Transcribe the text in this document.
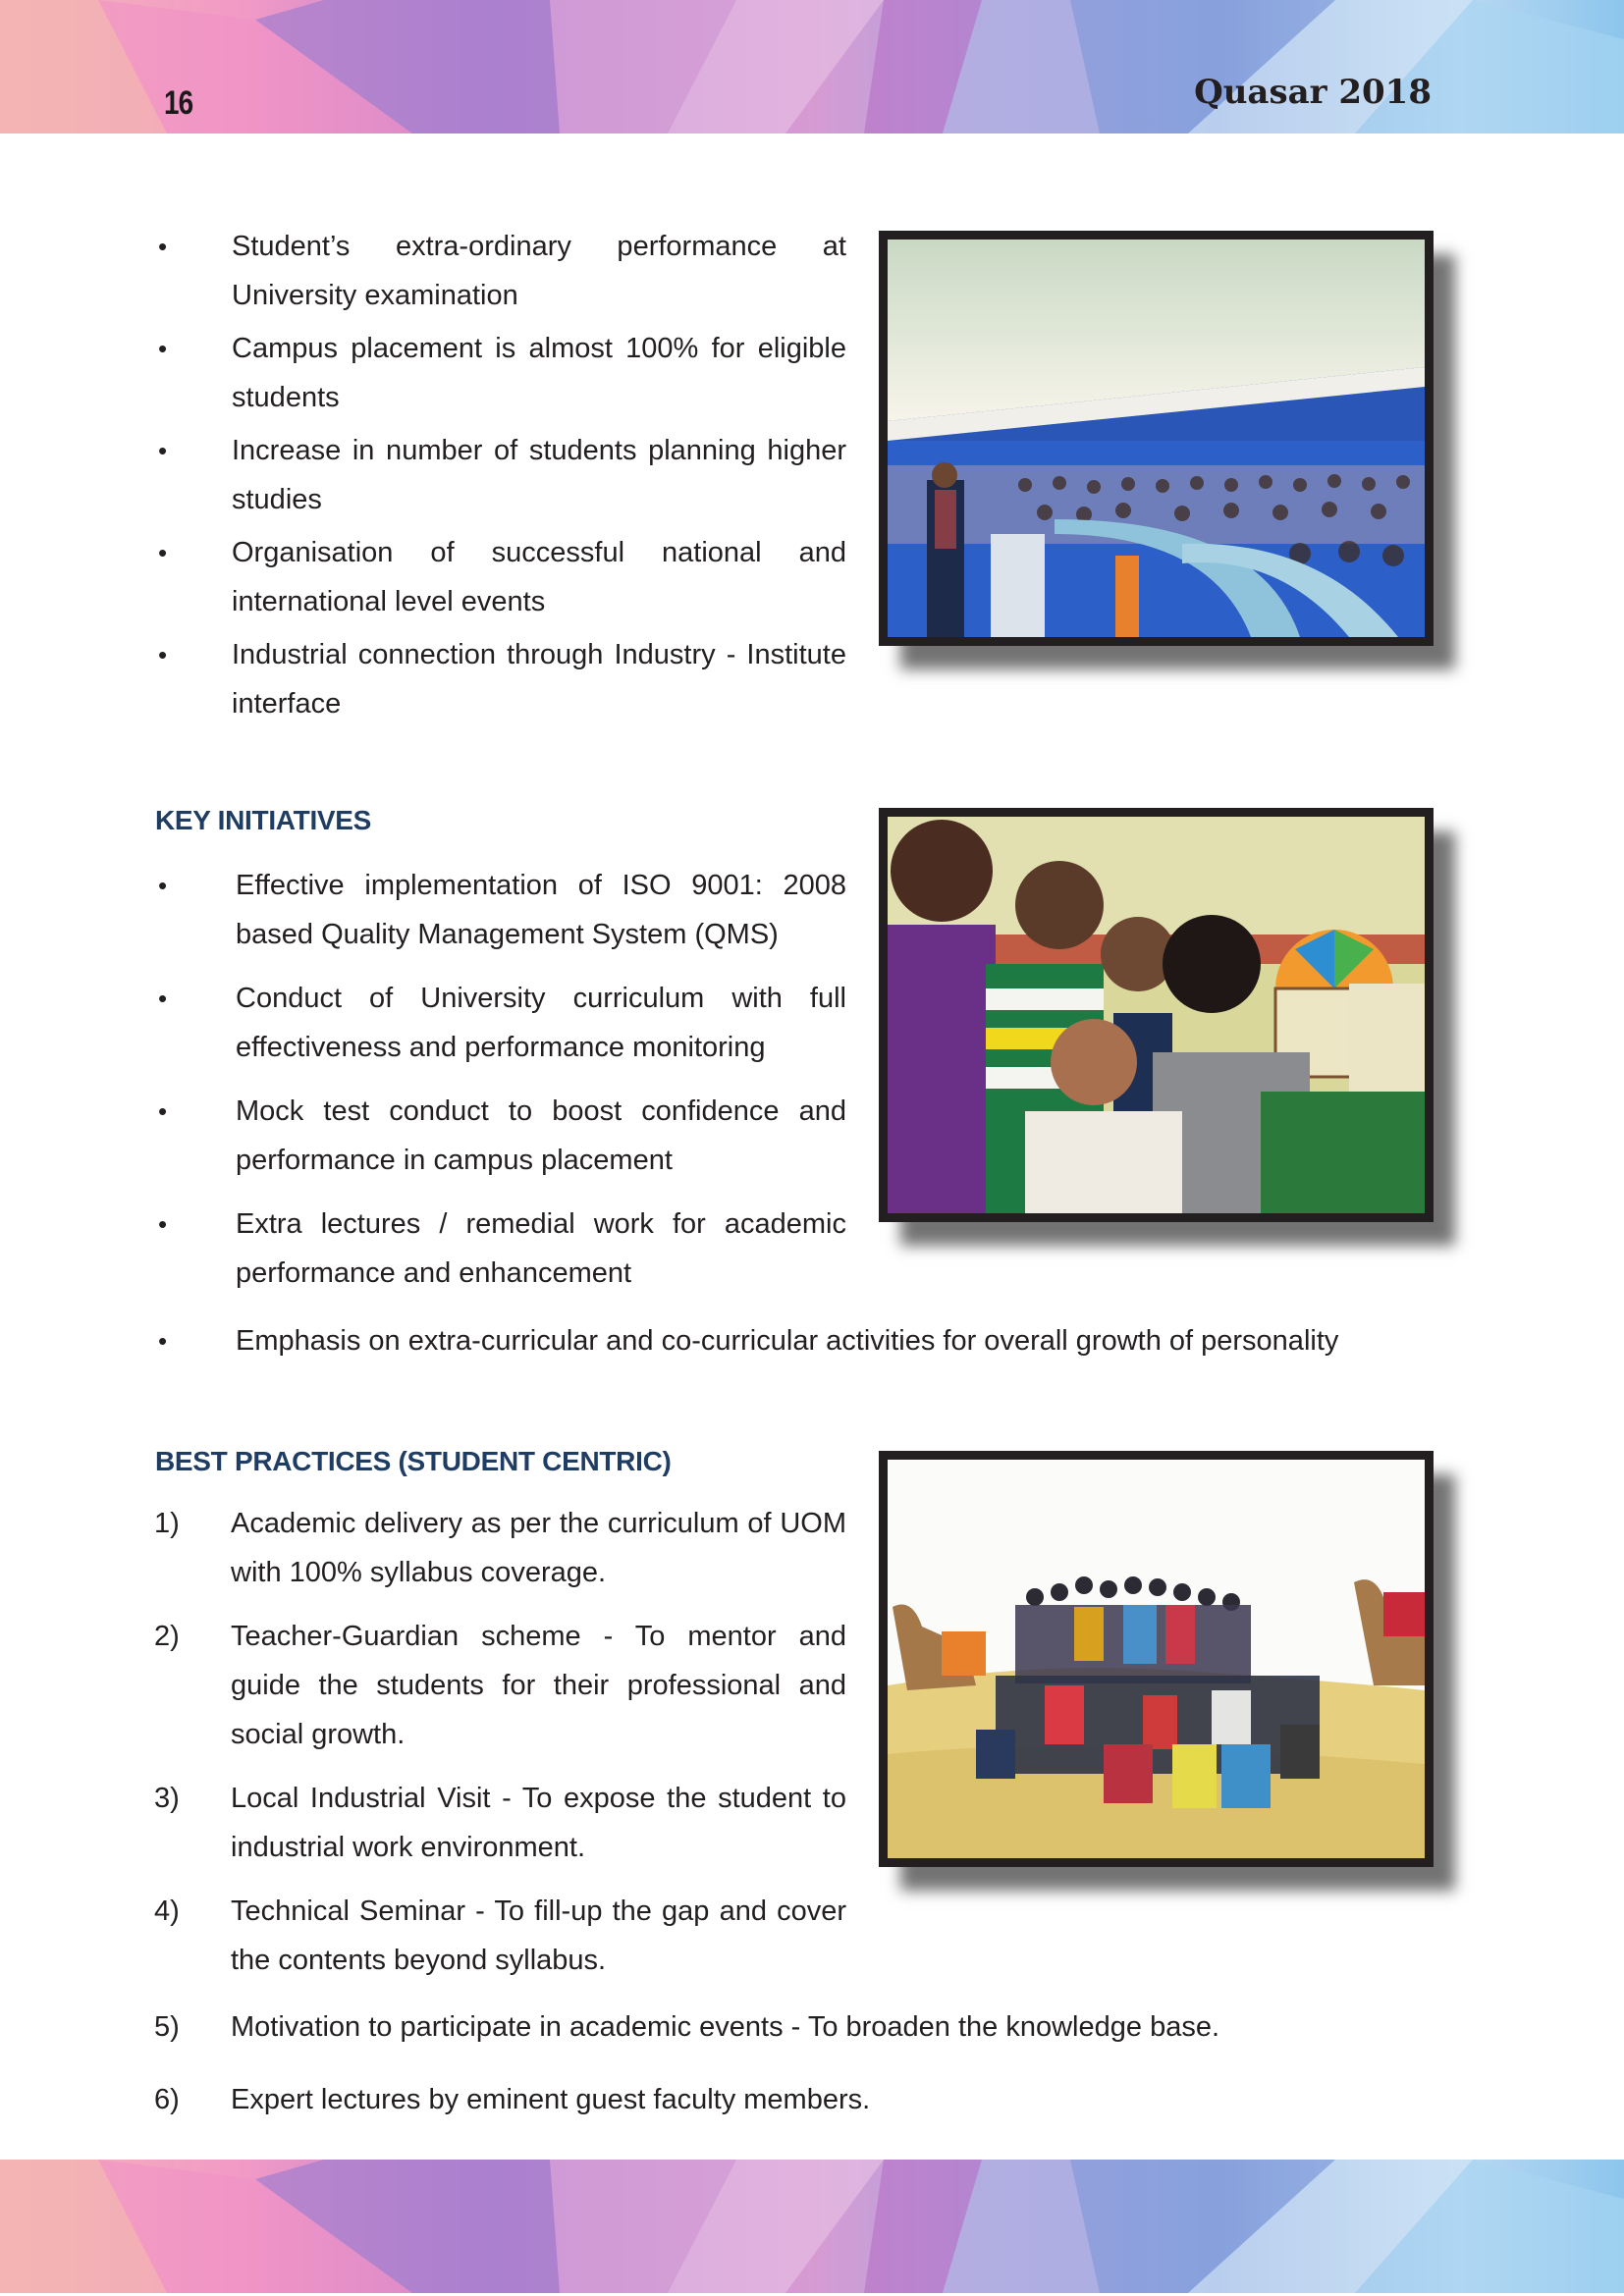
16	Quasar 2018
• Student’s extra-ordinary performance at University examination
• Campus placement is almost 100% for eligible students
• Increase in number of students planning higher studies
• Organisation of successful national and international level events
• Industrial connection through Industry - Institute interface
KEY INITIATIVES
• Effective implementation of ISO 9001: 2008 based Quality Management System (QMS)
• Conduct of University curriculum with full effectiveness and performance monitoring
• Mock test conduct to boost confidence and performance in campus placement
• Extra lectures / remedial work for academic performance and enhancement
• Emphasis on extra-curricular and co-curricular activities for overall growth of personality
BEST PRACTICES (STUDENT CENTRIC)
1) Academic delivery as per the curriculum of UOM with 100% syllabus coverage.
2) Teacher-Guardian scheme - To mentor and guide the students for their professional and social growth.
3) Local Industrial Visit - To expose the student to industrial work environment.
4) Technical Seminar - To fill-up the gap and cover the contents beyond syllabus.
5) Motivation to participate in academic events - To broaden the knowledge base.
6) Expert lectures by eminent guest faculty members.
